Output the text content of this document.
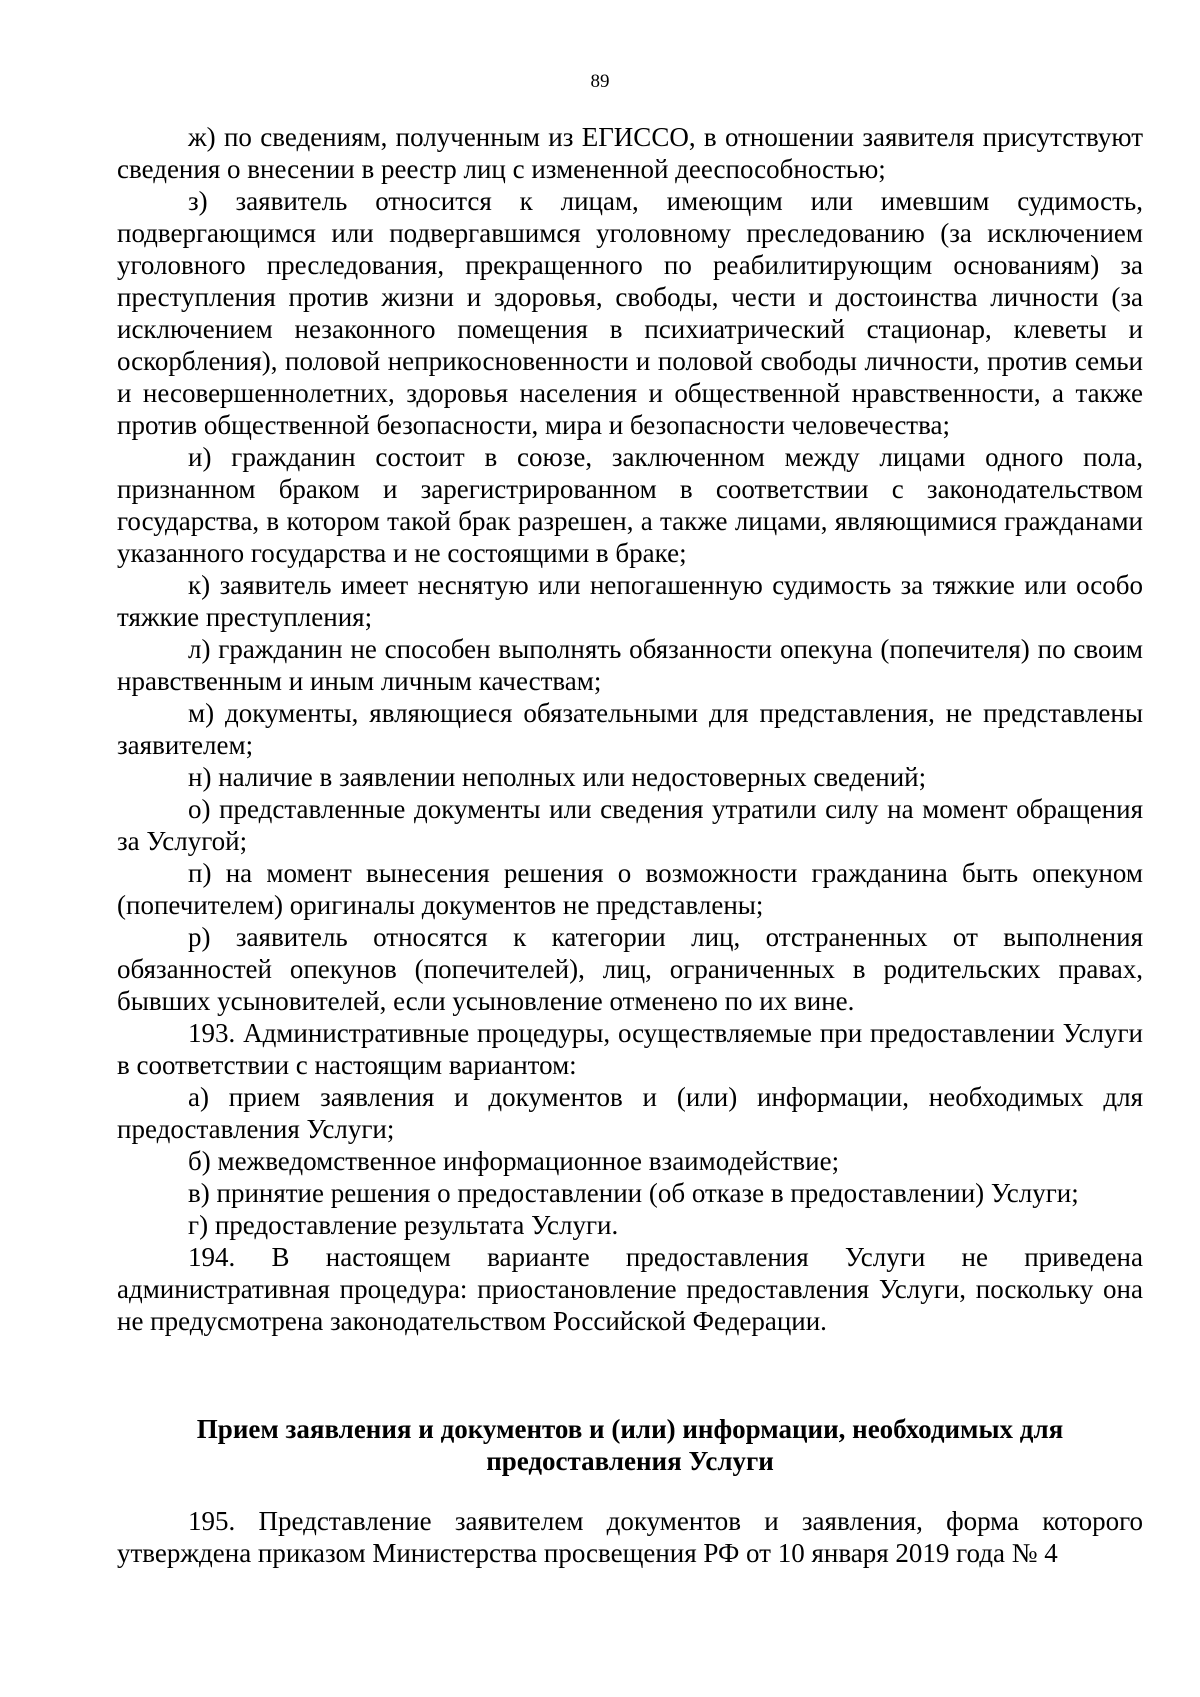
89

ж) по сведениям, полученным из ЕГИССО, в отношении заявителя присутствуют сведения о внесении в реестр лиц с измененной дееспособностью;

з) заявитель относится к лицам, имеющим или имевшим судимость, подвергающимся или подвергавшимся уголовному преследованию (за исключением уголовного преследования, прекращенного по реабилитирующим основаниям) за преступления против жизни и здоровья, свободы, чести и достоинства личности (за исключением незаконного помещения в психиатрический стационар, клеветы и оскорбления), половой неприкосновенности и половой свободы личности, против семьи и несовершеннолетних, здоровья населения и общественной нравственности, а также против общественной безопасности, мира и безопасности человечества;

и) гражданин состоит в союзе, заключенном между лицами одного пола, признанном браком и зарегистрированном в соответствии с законодательством государства, в котором такой брак разрешен, а также лицами, являющимися гражданами указанного государства и не состоящими в браке;

к) заявитель имеет неснятую или непогашенную судимость за тяжкие или особо тяжкие преступления;

л) гражданин не способен выполнять обязанности опекуна (попечителя) по своим нравственным и иным личным качествам;

м) документы, являющиеся обязательными для представления, не представлены заявителем;

н) наличие в заявлении неполных или недостоверных сведений;

о) представленные документы или сведения утратили силу на момент обращения за Услугой;

п) на момент вынесения решения о возможности гражданина быть опекуном (попечителем) оригиналы документов не представлены;

р) заявитель относятся к категории лиц, отстраненных от выполнения обязанностей опекунов (попечителей), лиц, ограниченных в родительских правах, бывших усыновителей, если усыновление отменено по их вине.

193. Административные процедуры, осуществляемые при предоставлении Услуги в соответствии с настоящим вариантом:

а) прием заявления и документов и (или) информации, необходимых для предоставления Услуги;

б) межведомственное информационное взаимодействие;

в) принятие решения о предоставлении (об отказе в предоставлении) Услуги;

г) предоставление результата Услуги.

194. В настоящем варианте предоставления Услуги не приведена административная процедура: приостановление предоставления Услуги, поскольку она не предусмотрена законодательством Российской Федерации.

Прием заявления и документов и (или) информации, необходимых для
предоставления Услуги

195. Представление заявителем документов и заявления, форма которого утверждена приказом Министерства просвещения РФ от 10 января 2019 года № 4
